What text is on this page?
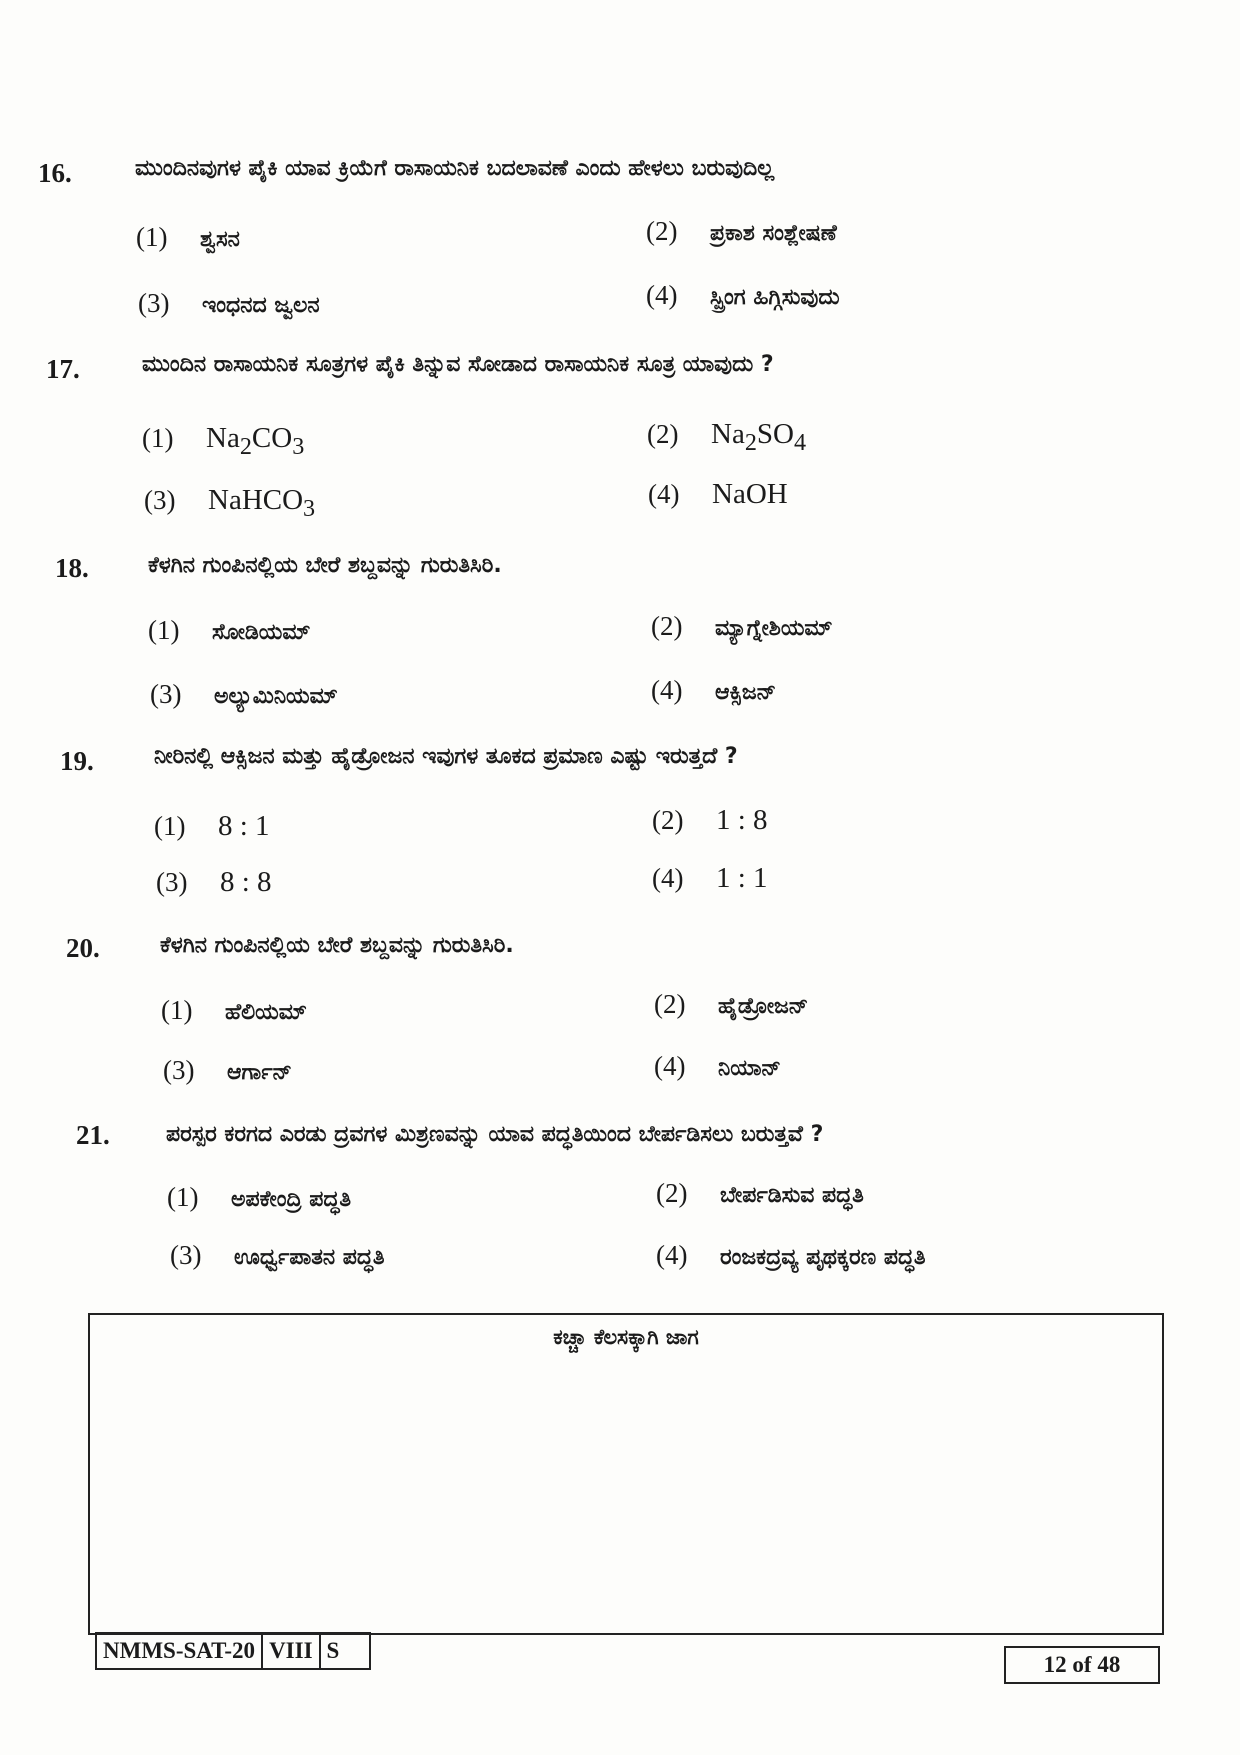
16.	ಮುಂದಿನವುಗಳ ಪೈಕಿ ಯಾವ ಕ್ರಿಯೆಗೆ ರಾಸಾಯನಿಕ ಬದಲಾವಣೆ ಎಂದು ಹೇಳಲು ಬರುವುದಿಲ್ಲ
(1) ಶ್ವಸನ	(2) ಪ್ರಕಾಶ ಸಂಶ್ಲೇಷಣೆ
(3) ಇಂಧನದ ಜ್ವಲನ	(4) ಸ್ಪ್ರಿಂಗ ಹಿಗ್ಗಿಸುವುದು
17.	ಮುಂದಿನ ರಾಸಾಯನಿಕ ಸೂತ್ರಗಳ ಪೈಕಿ ತಿನ್ನುವ ಸೋಡಾದ ರಾಸಾಯನಿಕ ಸೂತ್ರ ಯಾವುದು ?
(1) $Na_2CO_3$	(2) $Na_2SO_4$
(3) NaHCO$_3$	(4) NaOH
18.	ಕೆಳಗಿನ ಗುಂಪಿನಲ್ಲಿಯ ಬೇರೆ ಶಬ್ದವನ್ನು ಗುರುತಿಸಿರಿ.
(1) ಸೋಡಿಯಮ್	(2) ಮ್ಯಾಗ್ನೇಶಿಯಮ್
(3) ಅಲ್ಯುಮಿನಿಯಮ್	(4) ಆಕ್ಸಿಜನ್
19.	ನೀರಿನಲ್ಲಿ ಆಕ್ಸಿಜನ ಮತ್ತು ಹೈಡ್ರೋಜನ ಇವುಗಳ ತೂಕದ ಪ್ರಮಾಣ ಎಷ್ಟು ಇರುತ್ತದೆ ?
(1) 8 : 1	(2) 1 : 8
(3) 8 : 8	(4) 1 : 1
20.	ಕೆಳಗಿನ ಗುಂಪಿನಲ್ಲಿಯ ಬೇರೆ ಶಬ್ದವನ್ನು ಗುರುತಿಸಿರಿ.
(1) ಹೆಲಿಯಮ್	(2) ಹೈಡ್ರೋಜನ್
(3) ಆರ್ಗಾನ್	(4) ನಿಯಾನ್
21.	ಪರಸ್ಪರ ಕರಗದ ಎರಡು ದ್ರವಗಳ ಮಿಶ್ರಣವನ್ನು ಯಾವ ಪದ್ಧತಿಯಿಂದ ಬೇರ್ಪಡಿಸಲು ಬರುತ್ತವೆ ?
(1) ಅಪಕೇಂದ್ರಿ ಪದ್ಧತಿ	(2) ಬೇರ್ಪಡಿಸುವ ಪದ್ಧತಿ
(3) ಊರ್ಧ್ವಪಾತನ ಪದ್ಧತಿ	(4) ರಂಜಕದ್ರವ್ಯ ಪೃಥಕ್ಕರಣ ಪದ್ಧತಿ
ಕಚ್ಚಾ ಕೆಲಸಕ್ಕಾಗಿ ಜಾಗ
NMMS-SAT-20 VIII S
12 of 48
